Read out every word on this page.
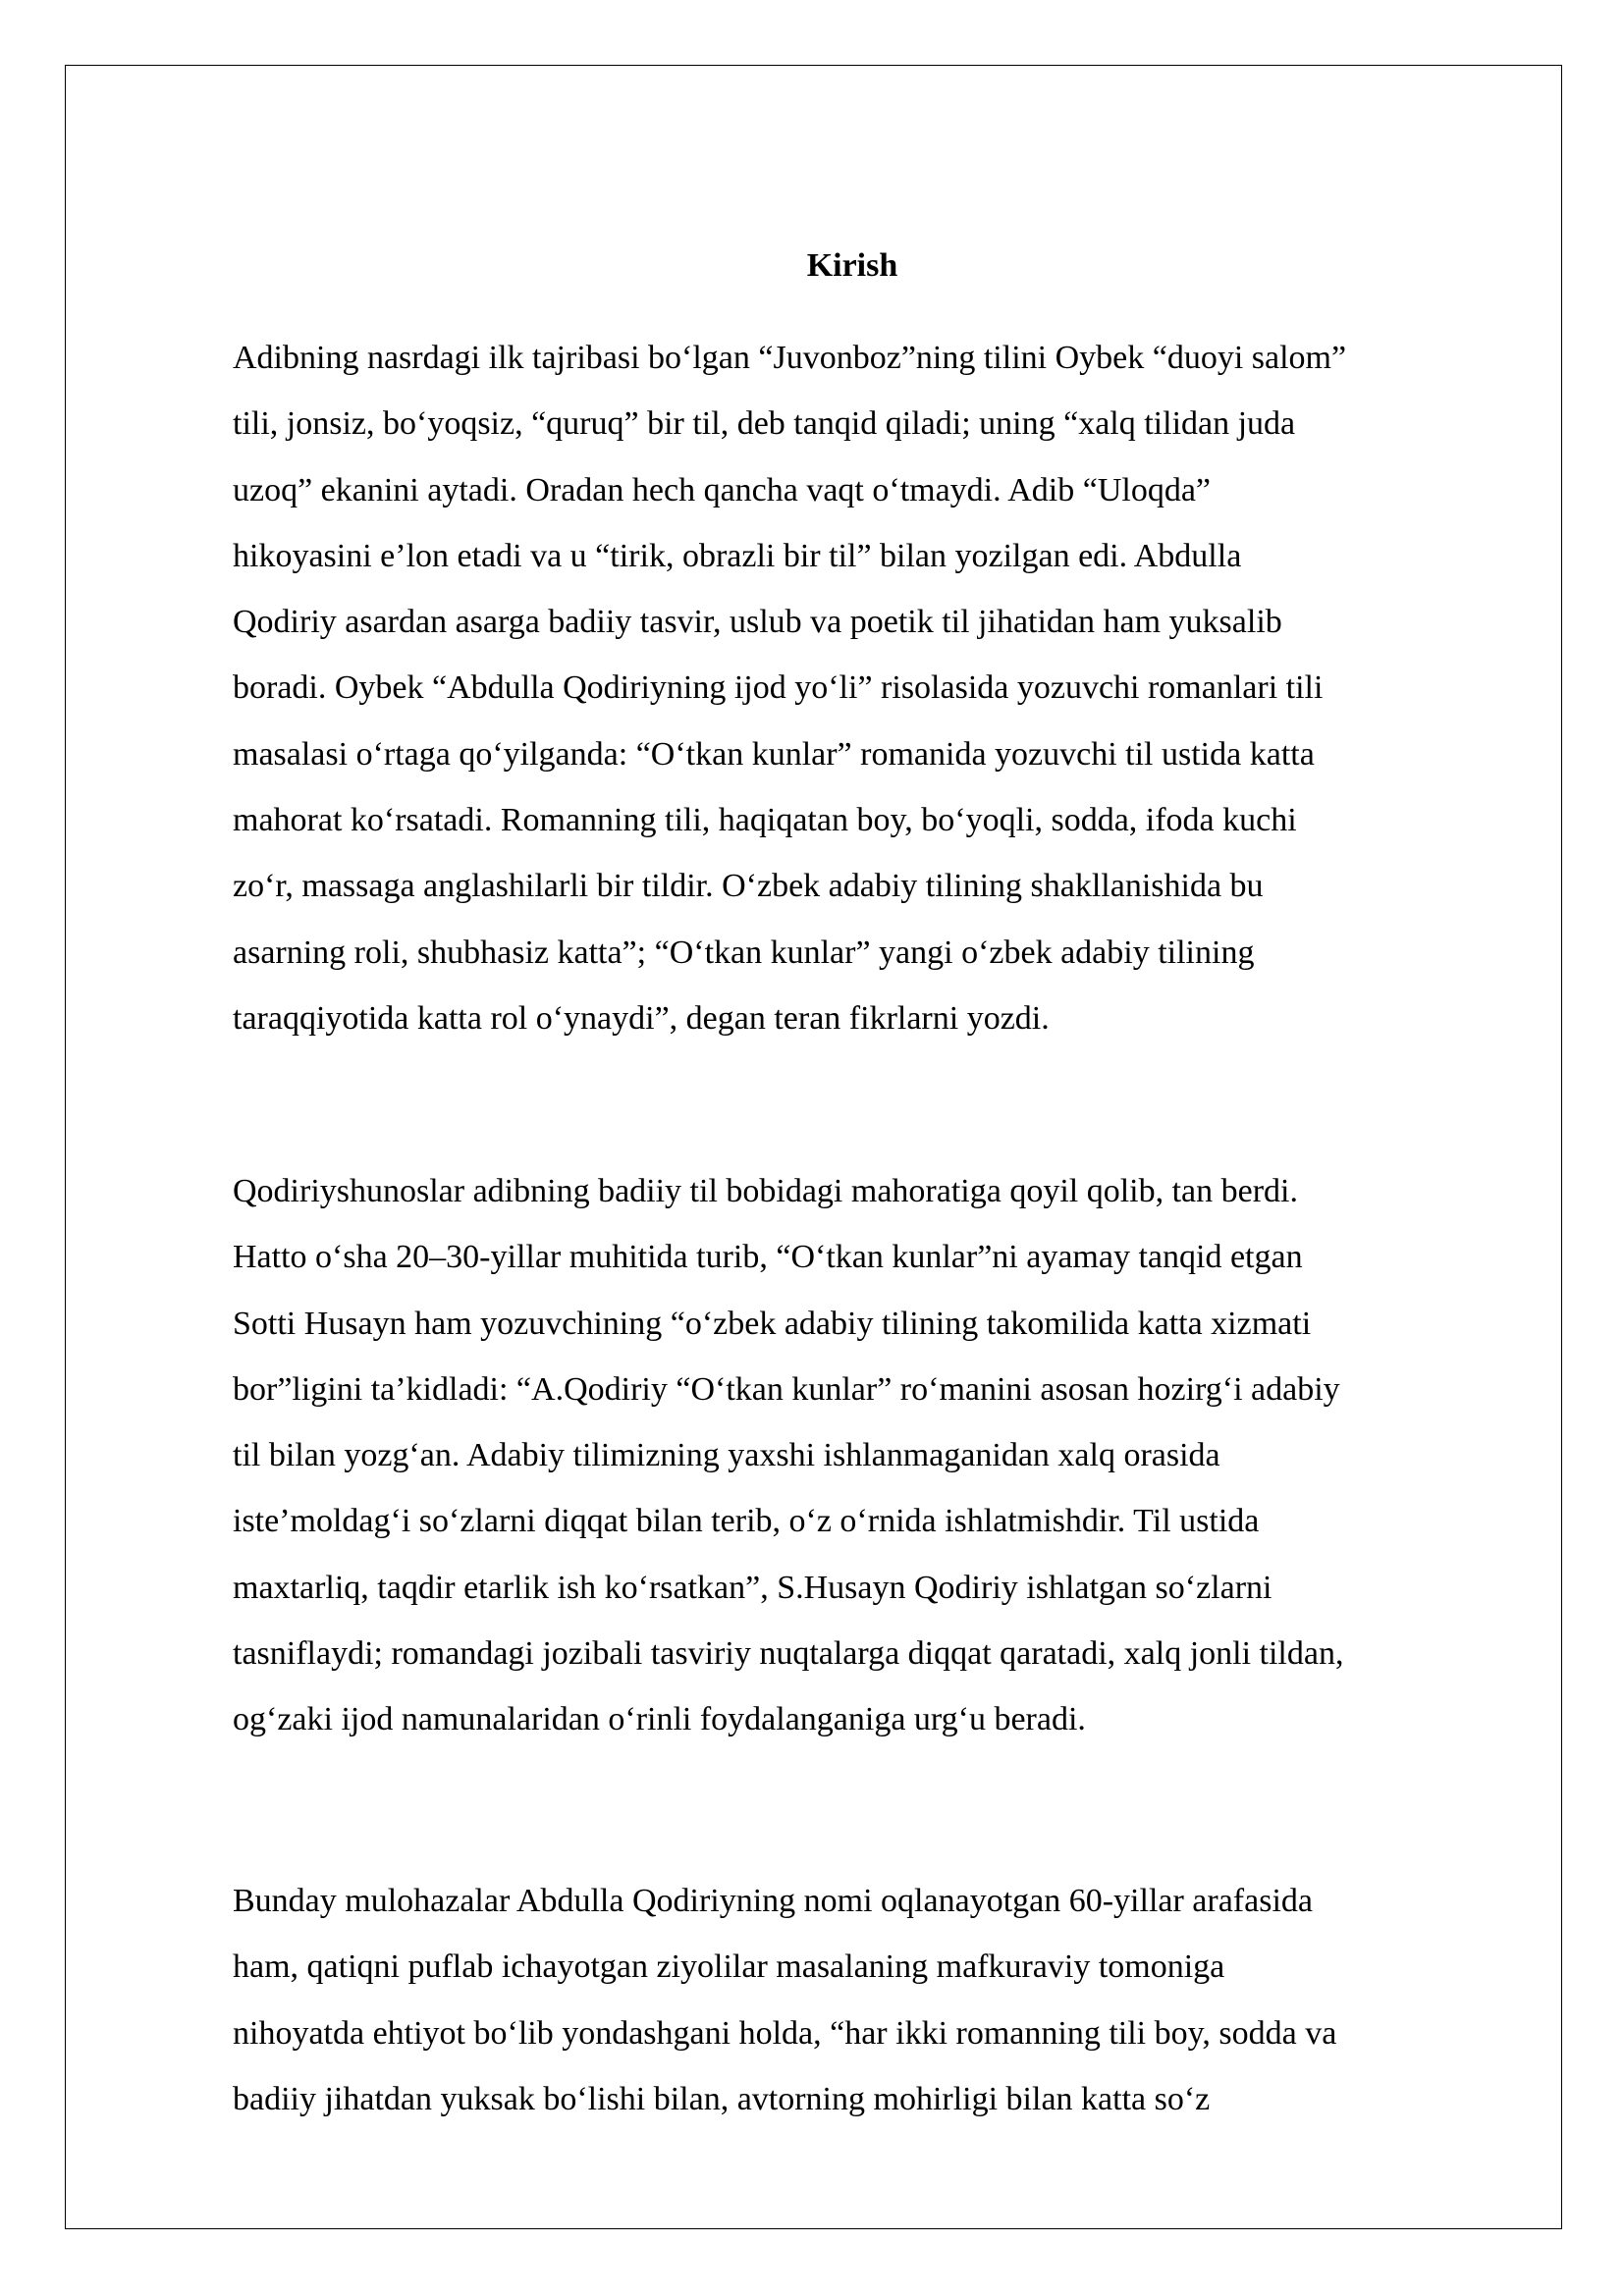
Kirish

Adibning nasrdagi ilk tajribasi bo‘lgan “Juvonboz”ning tilini Oybek “duoyi salom”
tili, jonsiz, bo‘yoqsiz, “quruq” bir til, deb tanqid qiladi; uning “xalq tilidan juda
uzoq” ekanini aytadi. Oradan hech qancha vaqt o‘tmaydi. Adib “Uloqda”
hikoyasini e’lon etadi va u “tirik, obrazli bir til” bilan yozilgan edi. Abdulla
Qodiriy asardan asarga badiiy tasvir, uslub va poetik til jihatidan ham yuksalib
boradi. Oybek “Abdulla Qodiriyning ijod yo‘li” risolasida yozuvchi romanlari tili
masalasi o‘rtaga qo‘yilganda: “O‘tkan kunlar” romanida yozuvchi til ustida katta
mahorat ko‘rsatadi. Romanning tili, haqiqatan boy, bo‘yoqli, sodda, ifoda kuchi
zo‘r, massaga anglashilarli bir tildir. O‘zbek adabiy tilining shakllanishida bu
asarning roli, shubhasiz katta”; “O‘tkan kunlar” yangi o‘zbek adabiy tilining
taraqqiyotida katta rol o‘ynaydi”, degan teran fikrlarni yozdi.

Qodiriyshunoslar adibning badiiy til bobidagi mahoratiga qoyil qolib, tan berdi.
Hatto o‘sha 20–30-yillar muhitida turib, “O‘tkan kunlar”ni ayamay tanqid etgan
Sotti Husayn ham yozuvchining “o‘zbek adabiy tilining takomilida katta xizmati
bor”ligini ta’kidladi: “A.Qodiriy “O‘tkan kunlar” ro‘manini asosan hozirg‘i adabiy
til bilan yozg‘an. Adabiy tilimizning yaxshi ishlanmaganidan xalq orasida
iste’moldag‘i so‘zlarni diqqat bilan terib, o‘z o‘rnida ishlatmishdir. Til ustida
maxtarliq, taqdir etarlik ish ko‘rsatkan”, S.Husayn Qodiriy ishlatgan so‘zlarni
tasniflaydi; romandagi jozibali tasviriy nuqtalarga diqqat qaratadi, xalq jonli tildan,
og‘zaki ijod namunalaridan o‘rinli foydalanganiga urg‘u beradi.

Bunday mulohazalar Abdulla Qodiriyning nomi oqlanayotgan 60-yillar arafasida
ham, qatiqni puflab ichayotgan ziyolilar masalaning mafkuraviy tomoniga
nihoyatda ehtiyot bo‘lib yondashgani holda, “har ikki romanning tili boy, sodda va
badiiy jihatdan yuksak bo‘lishi bilan, avtorning mohirligi bilan katta so‘z
